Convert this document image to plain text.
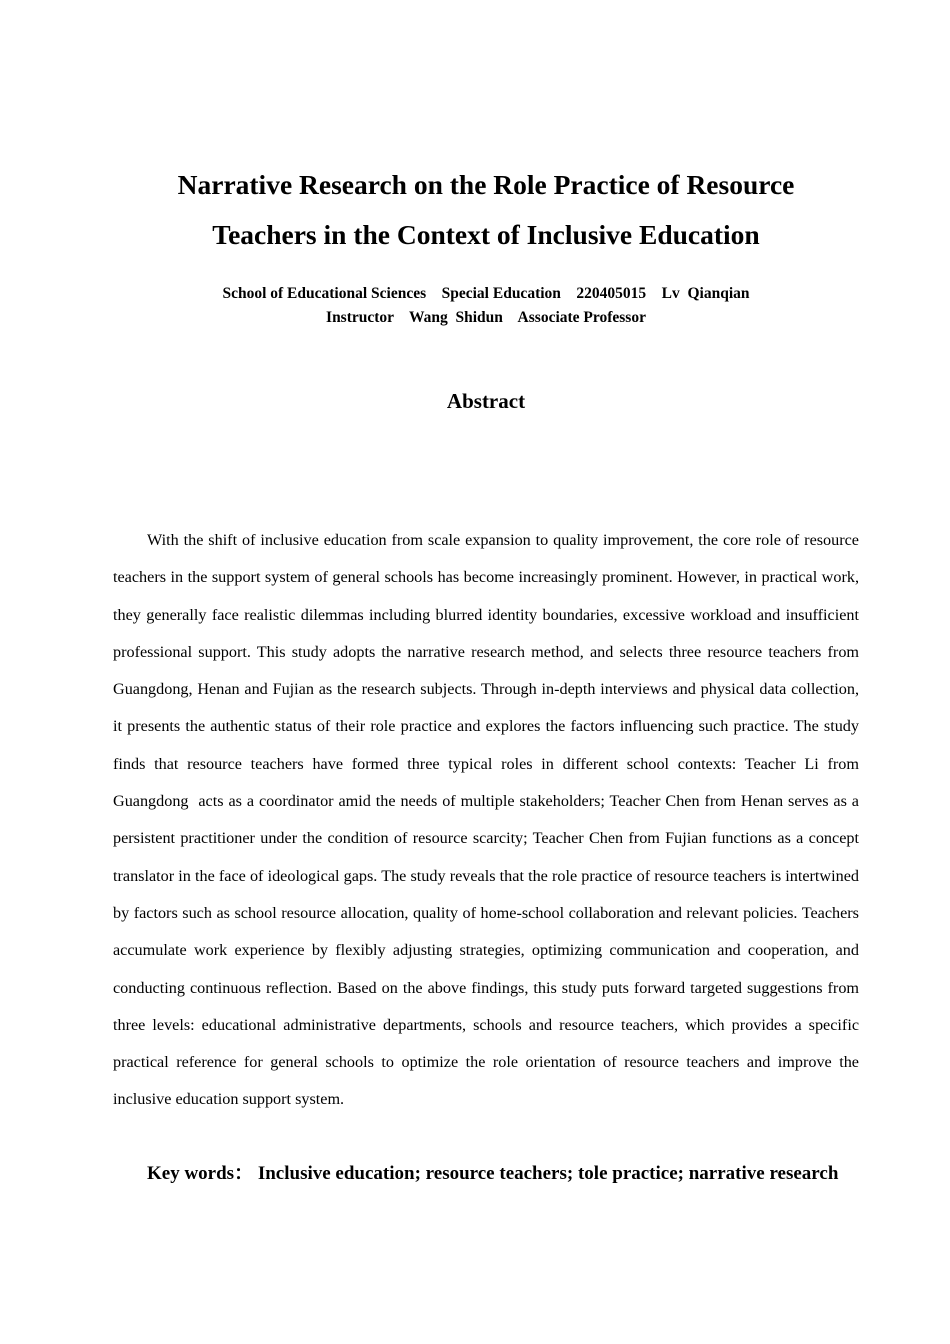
Narrative Research on the Role Practice of Resource
Teachers in the Context of Inclusive Education
School of Educational Sciences    Special Education    220405015    Lv  Qianqian
Instructor    Wang  Shidun    Associate Professor
Abstract

With the shift of inclusive education from scale expansion to quality improvement, the core role of resource teachers in the support system of general schools has become increasingly prominent. However, in practical work, they generally face realistic dilemmas including blurred identity boundaries, excessive workload and insufficient professional support. This study adopts the narrative research method, and selects three resource teachers from  Guangdong, Henan and Fujian as the research subjects. Through in-depth interviews and physical data collection, it presents the authentic status of their role practice and explores the factors influencing such practice. The study finds that resource teachers have formed three typical roles in different school contexts: Teacher Li from  Guangdong  acts as a coordinator amid the needs of multiple stakeholders; Teacher Chen from Henan serves as a persistent practitioner under the condition of resource scarcity; Teacher Chen from Fujian functions as a concept translator in the face of ideological gaps. The study reveals that the role practice of resource teachers is intertwined by factors such as school resource allocation, quality of home-school collaboration and relevant policies. Teachers accumulate work experience by flexibly adjusting strategies, optimizing communication and cooperation, and conducting continuous reflection. Based on the above findings, this study puts forward targeted suggestions from three levels: educational administrative departments, schools and resource teachers, which provides a specific practical reference for general schools to optimize the role orientation of resource teachers and improve the inclusive education support system.

Key words： Inclusive education; resource teachers; tole practice; narrative research
